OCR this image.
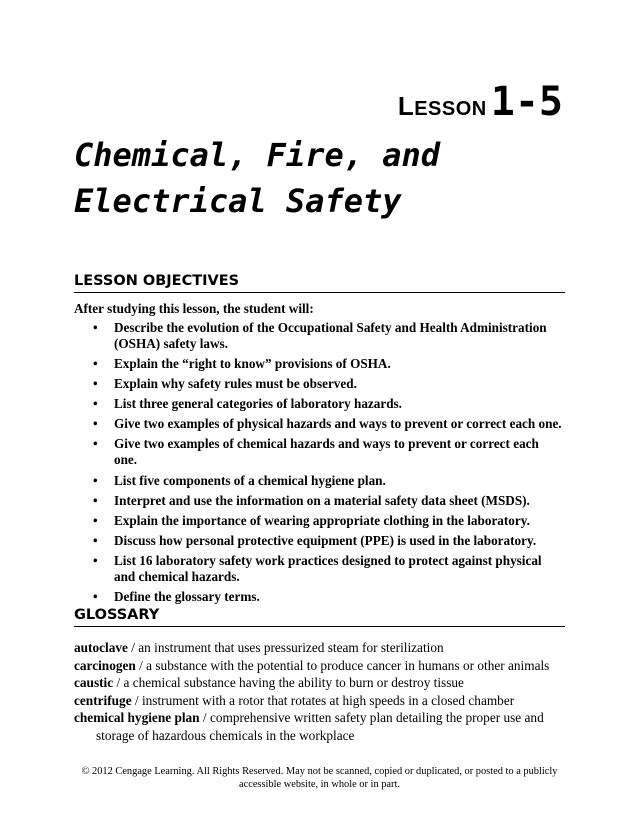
LESSON 1-5
Chemical, Fire, and
Electrical Safety
LESSON OBJECTIVES
After studying this lesson, the student will:
• Describe the evolution of the Occupational Safety and Health Administration (OSHA) safety laws.
• Explain the “right to know” provisions of OSHA.
• Explain why safety rules must be observed.
• List three general categories of laboratory hazards.
• Give two examples of physical hazards and ways to prevent or correct each one.
• Give two examples of chemical hazards and ways to prevent or correct each one.
• List five components of a chemical hygiene plan.
• Interpret and use the information on a material safety data sheet (MSDS).
• Explain the importance of wearing appropriate clothing in the laboratory.
• Discuss how personal protective equipment (PPE) is used in the laboratory.
• List 16 laboratory safety work practices designed to protect against physical and chemical hazards.
• Define the glossary terms.
GLOSSARY

autoclave / an instrument that uses pressurized steam for sterilization

carcinogen / a substance with the potential to produce cancer in humans or other animals

caustic / a chemical substance having the ability to burn or destroy tissue

centrifuge / instrument with a rotor that rotates at high speeds in a closed chamber

chemical hygiene plan / comprehensive written safety plan detailing the proper use and storage of hazardous chemicals in the workplace

© 2012 Cengage Learning. All Rights Reserved. May not be scanned, copied or duplicated, or posted to a publicly
accessible website, in whole or in part.
